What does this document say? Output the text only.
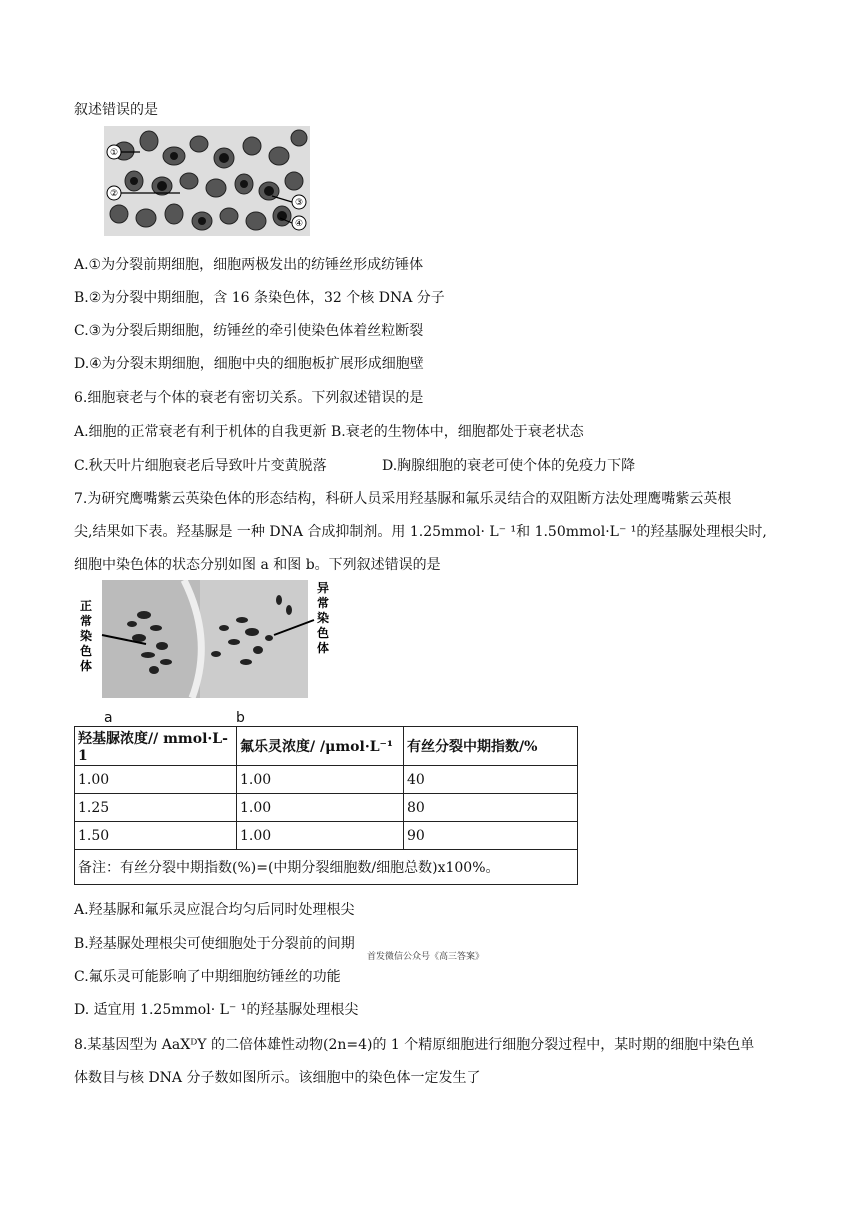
叙述错误的是
①
②
③
④
A.①为分裂前期细胞，细胞两极发出的纺锤丝形成纺锤体
B.②为分裂中期细胞，含 16 条染色体，32 个核 DNA 分子
C.③为分裂后期细胞，纺锤丝的牵引使染色体着丝粒断裂
D.④为分裂末期细胞，细胞中央的细胞板扩展形成细胞壁
6.细胞衰老与个体的衰老有密切关系。下列叙述错误的是
A.细胞的正常衰老有利于机体的自我更新 B.衰老的生物体中，细胞都处于衰老状态
C.秋天叶片细胞衰老后导致叶片变黄脱落	D.胸腺细胞的衰老可使个体的免疫力下降
7.为研究鹰嘴紫云英染色体的形态结构，科研人员采用羟基脲和氟乐灵结合的双阻断方法处理鹰嘴紫云英根
尖,结果如下表。羟基脲是 一种 DNA 合成抑制剂。用 1.25mmol· L⁻ ¹和 1.50mmol·L⁻ ¹的羟基脲处理根尖时,
细胞中染色体的状态分别如图 a 和图 b。下列叙述错误的是
正
常
染
色
体
异
常
染
色
体
a	b
羟基脲浓度// mmol·L-1	氟乐灵浓度/ /μmol·L⁻¹	有丝分裂中期指数/%
1.00	1.00	40
1.25	1.00	80
1.50	1.00	90
备注：有丝分裂中期指数(%)=(中期分裂细胞数/细胞总数)x100%。		
A.羟基脲和氟乐灵应混合均匀后同时处理根尖
B.羟基脲处理根尖可使细胞处于分裂前的间期
首发微信公众号《高三答案》
C.氟乐灵可能影响了中期细胞纺锤丝的功能
D. 适宜用 1.25mmol· L⁻ ¹的羟基脲处理根尖
8.某基因型为 AaXᴰY 的二倍体雄性动物(2n=4)的 1 个精原细胞进行细胞分裂过程中，某时期的细胞中染色单
体数目与核 DNA 分子数如图所示。该细胞中的染色体一定发生了
